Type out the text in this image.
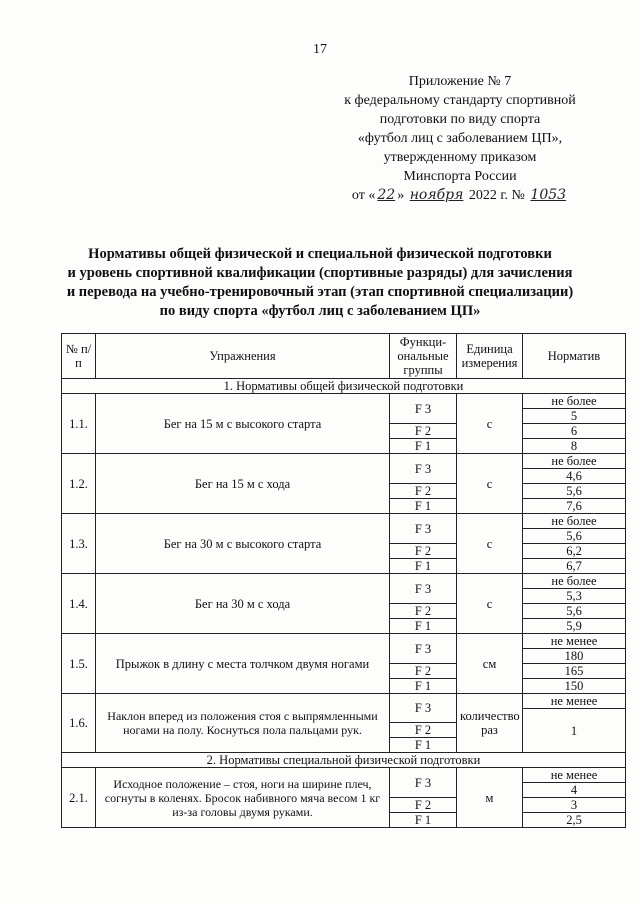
17
Приложение № 7
к федеральному стандарту спортивной
подготовки по виду спорта
«футбол лиц с заболеванием ЦП»,
утвержденному приказом
Минспорта России
от « 22 » ноября 2022 г. № 1053
Нормативы общей физической и специальной физической подготовки
и уровень спортивной квалификации (спортивные разряды) для зачисления
и перевода на учебно-тренировочный этап (этап спортивной специализации)
по виду спорта «футбол лиц с заболеванием ЦП»
№ п/п	Упражнения	Функци-ональные группы	Единица измерения	Норматив
1. Нормативы общей физической подготовки				
1.1.	Бег на 15 м с высокого старта	F 3	с	не более
				5
		F 2		6
		F 1		8
1.2.	Бег на 15 м с хода	F 3	с	не более
				4,6
		F 2		5,6
		F 1		7,6
1.3.	Бег на 30 м с высокого старта	F 3	с	не более
				5,6
		F 2		6,2
		F 1		6,7
1.4.	Бег на 30 м с хода	F 3	с	не более
				5,3
		F 2		5,6
		F 1		5,9
1.5.	Прыжок в длину с места толчком двумя ногами	F 3	см	не менее
				180
		F 2		165
		F 1		150
1.6.	Наклон вперед из положения стоя с выпрямленными ногами на полу. Коснуться пола пальцами рук.	F 3	количество раз	не менее
				1
		F 2		
		F 1		
2. Нормативы специальной физической подготовки				
2.1.	Исходное положение – стоя, ноги на ширине плеч, согнуты в коленях. Бросок набивного мяча весом 1 кг из-за головы двумя руками.	F 3	м	не менее
				4
		F 2		3
		F 1		2,5
